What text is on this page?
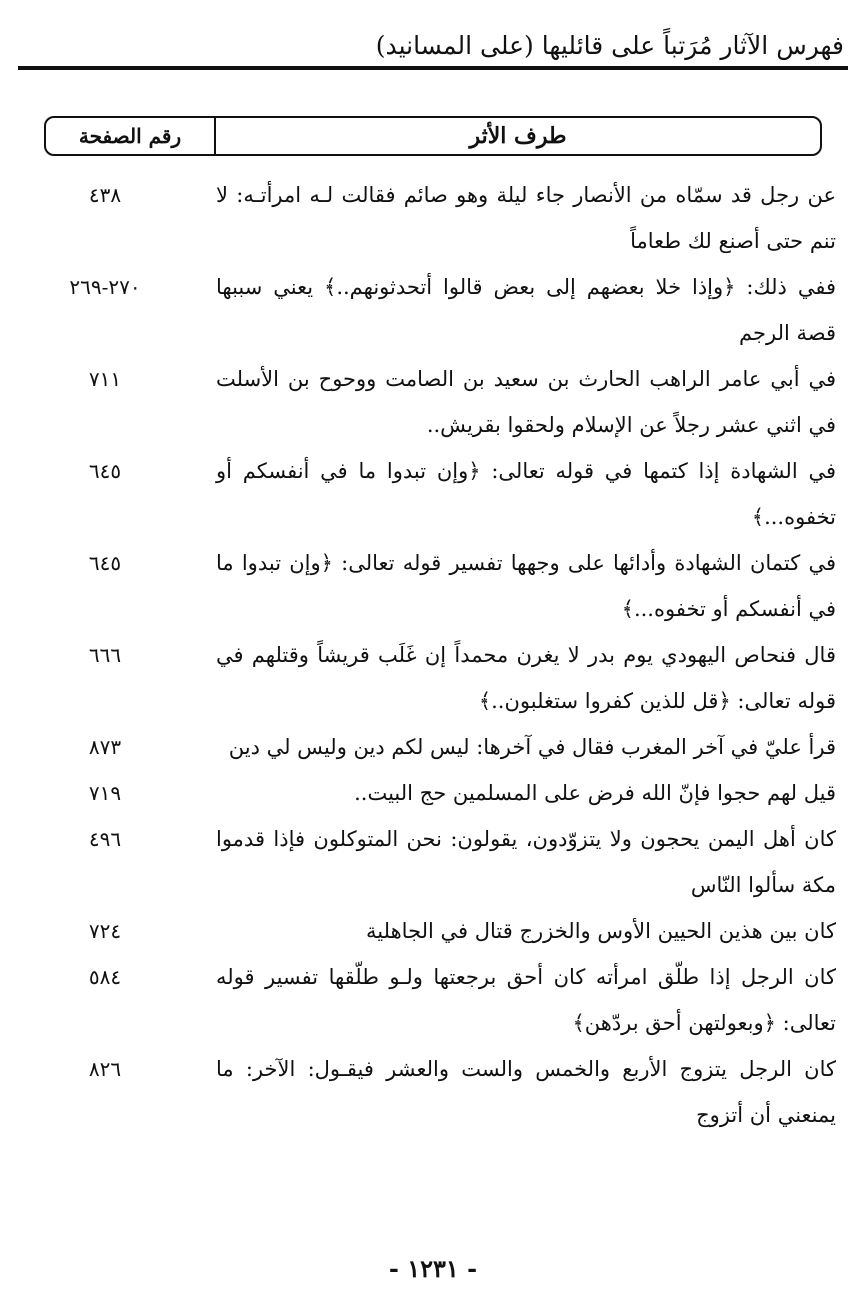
فهرس الآثار مُرَتباً على قائليها (على المسانيد)
طرف الأثر
رقم الصفحة
عن رجل قد سمّاه من الأنصار جاء ليلة وهو صائم فقالت لـه امرأتـه: لا تنم حتى أصنع لك طعاماً
٤٣٨
ففي ذلك: ﴿وإذا خلا بعضهم إلى بعض قالوا أتحدثونهم..﴾ يعني سببها قصة الرجم
٢٧٠-٢٦٩
في أبي عامر الراهب الحارث بن سعيد بن الصامت ووحوح بن الأسلت في اثني عشر رجلاً عن الإسلام ولحقوا بقريش..
٧١١
في الشهادة إذا كتمها في قوله تعالى: ﴿وإن تبدوا ما في أنفسكم أو تخفوه...﴾
٦٤٥
في كتمان الشهادة وأدائها على وجهها تفسير قوله تعالى: ﴿وإن تبدوا ما في أنفسكم أو تخفوه...﴾
٦٤٥
قال فنحاص اليهودي يوم بدر لا يغرن محمداً إن غَلَب قريشاً وقتلهم في قوله تعالى: ﴿قل للذين كفروا ستغلبون..﴾
٦٦٦
قرأ عليّ في آخر المغرب فقال في آخرها: ليس لكم دين وليس لي دين
٨٧٣
قيل لهم حجوا فإنّ الله فرض على المسلمين حج البيت..
٧١٩
كان أهل اليمن يحجون ولا يتزوّدون، يقولون: نحن المتوكلون فإذا قدموا مكة سألوا النّاس
٤٩٦
كان بين هذين الحيين الأوس والخزرج قتال في الجاهلية
٧٢٤
كان الرجل إذا طلّق امرأته كان أحق برجعتها ولـو طلّقها تفسير قوله تعالى: ﴿وبعولتهن أحق بردّهن﴾
٥٨٤
كان الرجل يتزوج الأربع والخمس والست والعشر فيقـول: الآخر: ما يمنعني أن أتزوج
٨٢٦
- ١٢٣١ -
